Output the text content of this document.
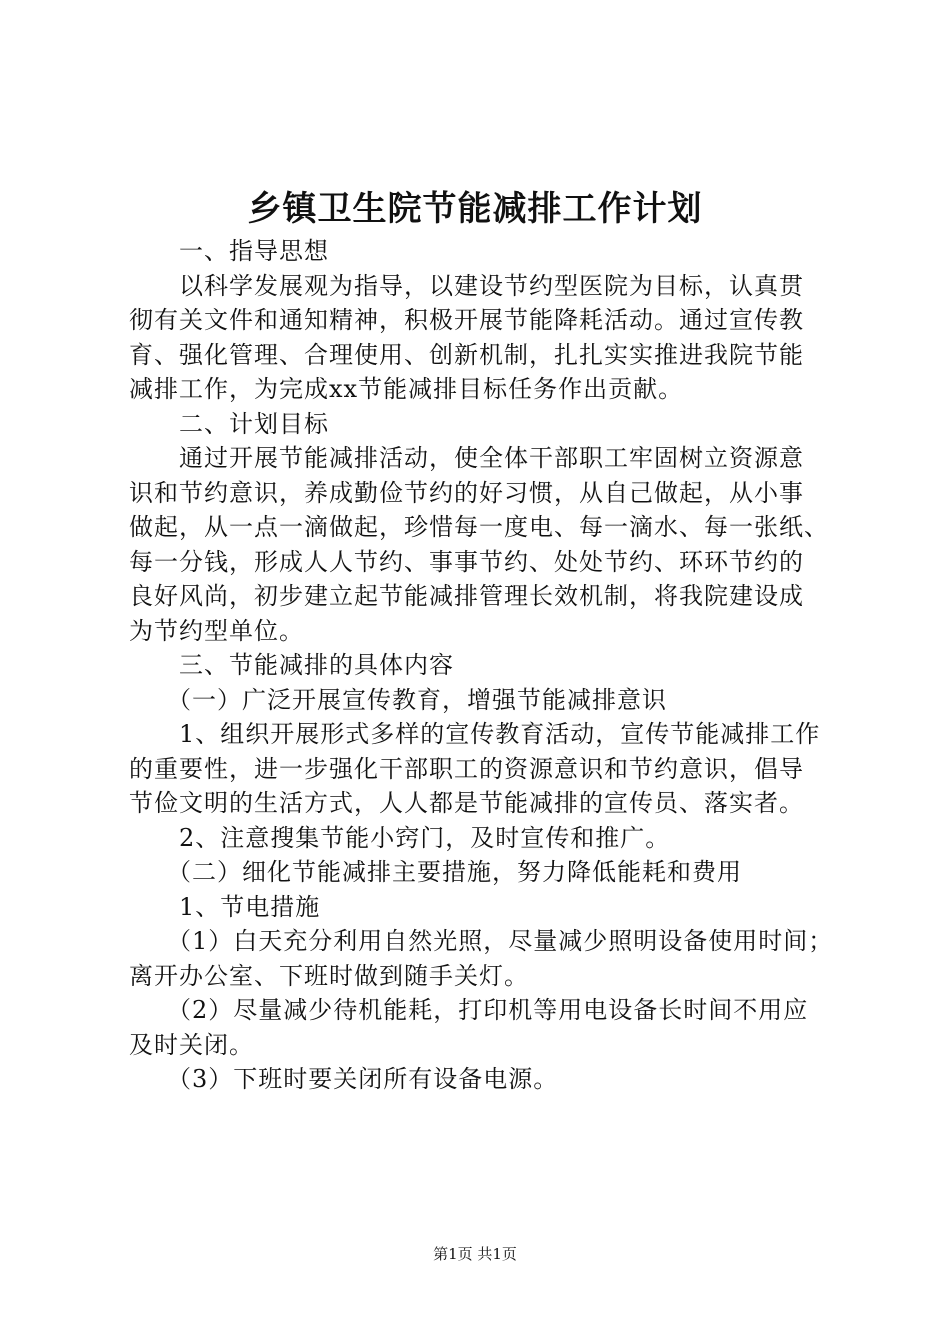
乡镇卫生院节能减排工作计划
　　一、指导思想
　　以科学发展观为指导，以建设节约型医院为目标，认真贯
彻有关文件和通知精神，积极开展节能降耗活动。通过宣传教
育、强化管理、合理使用、创新机制，扎扎实实推进我院节能
减排工作，为完成xx节能减排目标任务作出贡献。
　　二、计划目标
　　通过开展节能减排活动，使全体干部职工牢固树立资源意
识和节约意识，养成勤俭节约的好习惯，从自己做起，从小事
做起，从一点一滴做起，珍惜每一度电、每一滴水、每一张纸、
每一分钱，形成人人节约、事事节约、处处节约、环环节约的
良好风尚，初步建立起节能减排管理长效机制，将我院建设成
为节约型单位。
　　三、节能减排的具体内容
　　（一）广泛开展宣传教育，增强节能减排意识
　　1、组织开展形式多样的宣传教育活动，宣传节能减排工作
的重要性，进一步强化干部职工的资源意识和节约意识，倡导
节俭文明的生活方式，人人都是节能减排的宣传员、落实者。
　　2、注意搜集节能小窍门，及时宣传和推广。
　　（二）细化节能减排主要措施，努力降低能耗和费用
　　1、节电措施
　　（1）白天充分利用自然光照，尽量减少照明设备使用时间；
离开办公室、下班时做到随手关灯。
　　（2）尽量减少待机能耗，打印机等用电设备长时间不用应
及时关闭。
　　（3）下班时要关闭所有设备电源。
第1页 共1页
